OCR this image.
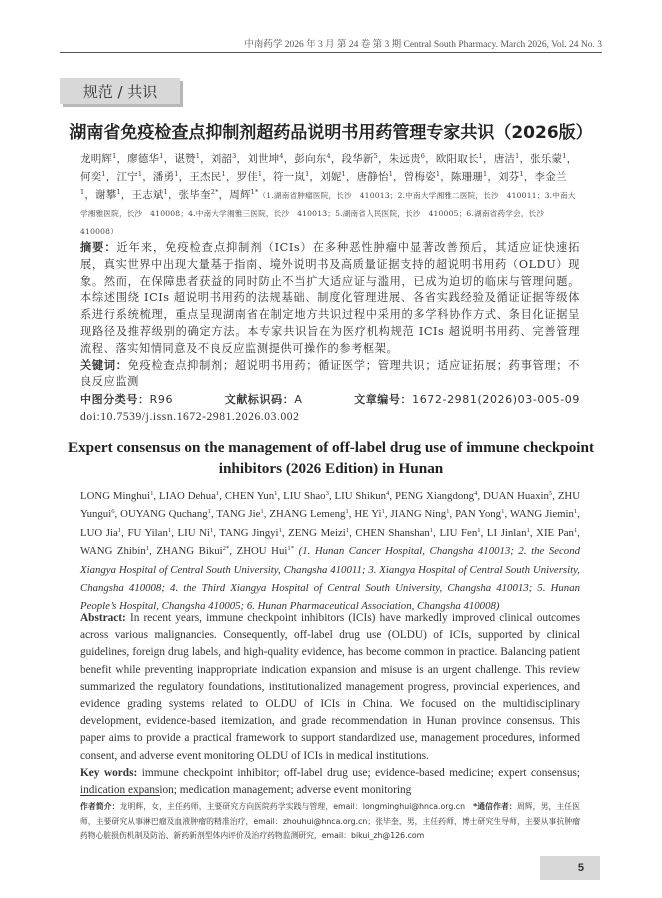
中南药学 2026 年 3 月 第 24 卷 第 3 期 Central South Pharmacy. March 2026, Vol. 24 No. 3
规范 / 共识
湖南省免疫检查点抑制剂超药品说明书用药管理专家共识（2026版）
龙明辉$^1$，廖德华$^1$，谌赞$^1$，刘韶$^3$，刘世坤$^4$，彭向东$^4$，段华新$^5$，朱远贵$^6$，欧阳取长$^1$，唐洁$^1$，张乐蒙$^1$，何奕$^1$，江宁$^1$，潘勇$^1$，王杰民$^1$，罗佳$^1$，符一岚$^1$，刘妮$^1$，唐静怡$^1$，曾梅姿$^1$，陈珊珊$^1$，刘芬$^1$，李金兰$^1$，谢攀$^1$，王志斌$^1$，张毕奎$^{2*}$，周辉$^{1*}$（1.湖南省肿瘤医院，长沙　410013；2.中南大学湘雅二医院，长沙　410011；3.中南大学湘雅医院，长沙　410008；4.中南大学湘雅三医院，长沙　410013；5.湖南省人民医院，长沙　410005；6.湖南省药学会，长沙　410008）
摘要：近年来，免疫检查点抑制剂（ICIs）在多种恶性肿瘤中显著改善预后，其适应证快速拓展，真实世界中出现大量基于指南、境外说明书及高质量证据支持的超说明书用药（OLDU）现象。然而，在保障患者获益的同时防止不当扩大适应证与滥用，已成为迫切的临床与管理问题。本综述围绕 ICIs 超说明书用药的法规基础、制度化管理进展、各省实践经验及循证证据等级体系进行系统梳理，重点呈现湖南省在制定地方共识过程中采用的多学科协作方式、条目化证据呈现路径及推荐级别的确定方法。本专家共识旨在为医疗机构规范 ICIs 超说明书用药、完善管理流程、落实知情同意及不良反应监测提供可操作的参考框架。
关键词：免疫检查点抑制剂；超说明书用药；循证医学；管理共识；适应证拓展；药事管理；不良反应监测
中图分类号：R96	文献标识码：A	文章编号：1672-2981(2026)03-005-09
doi:10.7539/j.issn.1672-2981.2026.03.002
Expert consensus on the management of off-label drug use of immune checkpoint inhibitors (2026 Edition) in Hunan
LONG Minghui$^1$, LIAO Dehua$^1$, CHEN Yun$^1$, LIU Shao$^3$, LIU Shikun$^4$, PENG Xiangdong$^4$, DUAN Huaxin$^5$, ZHU Yungui$^6$, OUYANG Quchang$^1$, TANG Jie$^1$, ZHANG Lemeng$^1$, HE Yi$^1$, JIANG Ning$^1$, PAN Yong$^1$, WANG Jiemin$^1$, LUO Jia$^1$, FU Yilan$^1$, LIU Ni$^1$, TANG Jingyi$^1$, ZENG Meizi$^1$, CHEN Shanshan$^1$, LIU Fen$^1$, LI Jinlan$^1$, XIE Pan$^1$, WANG Zhibin$^1$, ZHANG Bikui$^{2*}$, ZHOU Hui$^{1*}$ (1. Hunan Cancer Hospital, Changsha 410013; 2. the Second Xiangya Hospital of Central South University, Changsha 410011; 3. Xiangya Hospital of Central South University, Changsha 410008; 4. the Third Xiangya Hospital of Central South University, Changsha 410013; 5. Hunan People’s Hospital, Changsha 410005; 6. Hunan Pharmaceutical Association, Changsha 410008)
Abstract: In recent years, immune checkpoint inhibitors (ICIs) have markedly improved clinical outcomes across various malignancies. Consequently, off-label drug use (OLDU) of ICIs, supported by clinical guidelines, foreign drug labels, and high-quality evidence, has become common in practice. Balancing patient benefit while preventing inappropriate indication expansion and misuse is an urgent challenge. This review summarized the regulatory foundations, institutionalized management progress, provincial experiences, and evidence grading systems related to OLDU of ICIs in China. We focused on the multidisciplinary development, evidence-based itemization, and grade recommendation in Hunan province consensus. This paper aims to provide a practical framework to support standardized use, management procedures, informed consent, and adverse event monitoring OLDU of ICIs in medical institutions.
Key words: immune checkpoint inhibitor; off-label drug use; evidence-based medicine; expert consensus; indication expansion; medication management; adverse event monitoring
作者简介：龙明辉，女，主任药师，主要研究方向医院药学实践与管理，email：longminghui@hnca.org.cn　 *通信作者：周辉，男，主任医师，主要研究从事淋巴瘤及血液肿瘤的精准治疗，email：zhouhui@hnca.org.cn；张毕奎，男，主任药师，博士研究生导师，主要从事抗肿瘤药物心脏损伤机制及防治、新药新剂型体内评价及治疗药物监测研究，email：bikui_zh@126.com
5
